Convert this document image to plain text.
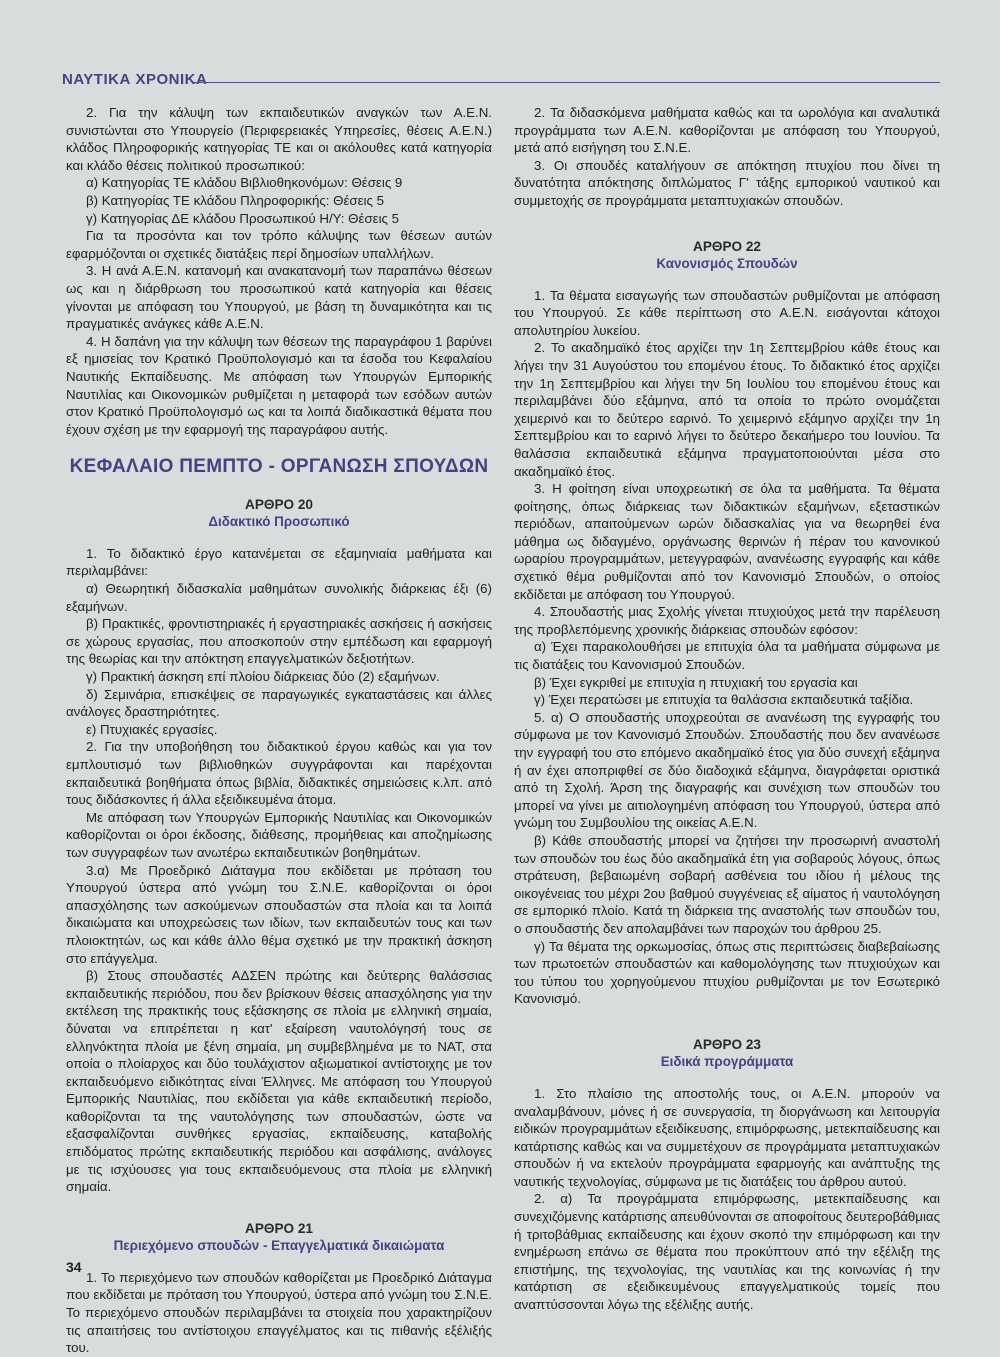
ΝΑΥΤΙΚΑ ΧΡΟΝΙΚΑ

2. Για την κάλυψη των εκπαιδευτικών αναγκών των Α.Ε.Ν. συνιστώνται στο Υπουργείο (Περιφερειακές Υπηρεσίες, θέσεις Α.Ε.Ν.) κλάδος Πληροφορικής κατηγορίας ΤΕ και οι ακόλουθες κατά κατηγορία και κλάδο θέσεις πολιτικού προσωπικού:

α) Κατηγορίας ΤΕ κλάδου Βιβλιοθηκονόμων: Θέσεις 9

β) Κατηγορίας ΤΕ κλάδου Πληροφορικής: Θέσεις 5

γ) Κατηγορίας ΔΕ κλάδου Προσωπικού Η/Υ: Θέσεις 5

Για τα προσόντα και τον τρόπο κάλυψης των θέσεων αυτών εφαρμόζονται οι σχετικές διατάξεις περί δημοσίων υπαλλήλων.

3. Η ανά Α.Ε.Ν. κατανομή και ανακατανομή των παραπάνω θέσεων ως και η διάρθρωση του προσωπικού κατά κατηγορία και θέσεις γίνονται με απόφαση του Υπουργού, με βάση τη δυναμικότητα και τις πραγματικές ανάγκες κάθε Α.Ε.Ν.

4. Η δαπάνη για την κάλυψη των θέσεων της παραγράφου 1 βαρύνει εξ ημισείας τον Κρατικό Προϋπολογισμό και τα έσοδα του Κεφαλαίου Ναυτικής Εκπαίδευσης. Με απόφαση των Υπουργών Εμπορικής Ναυτιλίας και Οικονομικών ρυθμίζεται η μεταφορά των εσόδων αυτών στον Κρατικό Προϋπολογισμό ως και τα λοιπά διαδικαστικά θέματα που έχουν σχέση με την εφαρμογή της παραγράφου αυτής.

ΚΕΦΑΛΑΙΟ ΠΕΜΠΤΟ - ΟΡΓΑΝΩΣΗ ΣΠΟΥΔΩΝ
ΑΡΘΡΟ 20
Διδακτικό Προσωπικό

1. Το διδακτικό έργο κατανέμεται σε εξαμηνιαία μαθήματα και περιλαμβάνει:

α) Θεωρητική διδασκαλία μαθημάτων συνολικής διάρκειας έξι (6) εξαμήνων.

β) Πρακτικές, φροντιστηριακές ή εργαστηριακές ασκήσεις ή ασκήσεις σε χώρους εργασίας, που αποσκοπούν στην εμπέδωση και εφαρμογή της θεωρίας και την απόκτηση επαγγελματικών δεξιοτήτων.

γ) Πρακτική άσκηση επί πλοίου διάρκειας δύο (2) εξαμήνων.

δ) Σεμινάρια, επισκέψεις σε παραγωγικές εγκαταστάσεις και άλλες ανάλογες δραστηριότητες.

ε) Πτυχιακές εργασίες.

2. Για την υποβοήθηση του διδακτικού έργου καθώς και για τον εμπλουτισμό των βιβλιοθηκών συγγράφονται και παρέχονται εκπαιδευτικά βοηθήματα όπως βιβλία, διδακτικές σημειώσεις κ.λπ. από τους διδάσκοντες ή άλλα εξειδικευμένα άτομα.

Με απόφαση των Υπουργών Εμπορικής Ναυτιλίας και Οικονομικών καθορίζονται οι όροι έκδοσης, διάθεσης, προμήθειας και αποζημίωσης των συγγραφέων των ανωτέρω εκπαιδευτικών βοηθημάτων.

3.α) Με Προεδρικό Διάταγμα που εκδίδεται με πρόταση του Υπουργού ύστερα από γνώμη του Σ.Ν.Ε. καθορίζονται οι όροι απασχόλησης των ασκούμενων σπουδαστών στα πλοία και τα λοιπά δικαιώματα και υποχρεώσεις των ιδίων, των εκπαιδευτών τους και των πλοιοκτητών, ως και κάθε άλλο θέμα σχετικό με την πρακτική άσκηση στο επάγγελμα.

β) Στους σπουδαστές ΑΔΣΕΝ πρώτης και δεύτερης θαλάσσιας εκπαιδευτικής περιόδου, που δεν βρίσκουν θέσεις απασχόλησης για την εκτέλεση της πρακτικής τους εξάσκησης σε πλοία με ελληνική σημαία, δύναται να επιτρέπεται η κατ' εξαίρεση ναυτολόγησή τους σε ελληνόκτητα πλοία με ξένη σημαία, μη συμβεβλημένα με το ΝΑΤ, στα οποία ο πλοίαρχος και δύο τουλάχιστον αξιωματικοί αντίστοιχης με τον εκπαιδευόμενο ειδικότητας είναι Έλληνες. Με απόφαση του Υπουργού Εμπορικής Ναυτιλίας, που εκδίδεται για κάθε εκπαιδευτική περίοδο, καθορίζονται τα της ναυτολόγησης των σπουδαστών, ώστε να εξασφαλίζονται συνθήκες εργασίας, εκπαίδευσης, καταβολής επιδόματος πρώτης εκπαιδευτικής περιόδου και ασφάλισης, ανάλογες με τις ισχύουσες για τους εκπαιδευόμενους στα πλοία με ελληνική σημαία.

ΑΡΘΡΟ 21
Περιεχόμενο σπουδών - Επαγγελματικά δικαιώματα

1. Το περιεχόμενο των σπουδών καθορίζεται με Προεδρικό Διάταγμα που εκδίδεται με πρόταση του Υπουργού, ύστερα από γνώμη του Σ.Ν.Ε. Το περιεχόμενο σπουδών περιλαμβάνει τα στοιχεία που χαρακτηρίζουν τις απαιτήσεις του αντίστοιχου επαγγέλματος και τις πιθανής εξέλιξής του.

2. Τα διδασκόμενα μαθήματα καθώς και τα ωρολόγια και αναλυτικά προγράμματα των Α.Ε.Ν. καθορίζονται με απόφαση του Υπουργού, μετά από εισήγηση του Σ.Ν.Ε.

3. Οι σπουδές καταλήγουν σε απόκτηση πτυχίου που δίνει τη δυνατότητα απόκτησης διπλώματος Γ' τάξης εμπορικού ναυτικού και συμμετοχής σε προγράμματα μεταπτυχιακών σπουδών.

ΑΡΘΡΟ 22
Κανονισμός Σπουδών

1. Τα θέματα εισαγωγής των σπουδαστών ρυθμίζονται με απόφαση του Υπουργού. Σε κάθε περίπτωση στο Α.Ε.Ν. εισάγονται κάτοχοι απολυτηρίου λυκείου.

2. Το ακαδημαϊκό έτος αρχίζει την 1η Σεπτεμβρίου κάθε έτους και λήγει την 31 Αυγούστου του επομένου έτους. Το διδακτικό έτος αρχίζει την 1η Σεπτεμβρίου και λήγει την 5η Ιουλίου του επομένου έτους και περιλαμβάνει δύο εξάμηνα, από τα οποία το πρώτο ονομάζεται χειμερινό και το δεύτερο εαρινό. Το χειμερινό εξάμηνο αρχίζει την 1η Σεπτεμβρίου και το εαρινό λήγει το δεύτερο δεκαήμερο του Ιουνίου. Τα θαλάσσια εκπαιδευτικά εξάμηνα πραγματοποιούνται μέσα στο ακαδημαϊκό έτος.

3. Η φοίτηση είναι υποχρεωτική σε όλα τα μαθήματα. Τα θέματα φοίτησης, όπως διάρκειας των διδακτικών εξαμήνων, εξεταστικών περιόδων, απαιτούμενων ωρών διδασκαλίας για να θεωρηθεί ένα μάθημα ως διδαγμένο, οργάνωσης θερινών ή πέραν του κανονικού ωραρίου προγραμμάτων, μετεγγραφών, ανανέωσης εγγραφής και κάθε σχετικό θέμα ρυθμίζονται από τον Κανονισμό Σπουδών, ο οποίος εκδίδεται με απόφαση του Υπουργού.

4. Σπουδαστής μιας Σχολής γίνεται πτυχιούχος μετά την παρέλευση της προβλεπόμενης χρονικής διάρκειας σπουδών εφόσον:

α) Έχει παρακολουθήσει με επιτυχία όλα τα μαθήματα σύμφωνα με τις διατάξεις του Κανονισμού Σπουδών.

β) Έχει εγκριθεί με επιτυχία η πτυχιακή του εργασία και

γ) Έχει περατώσει με επιτυχία τα θαλάσσια εκπαιδευτικά ταξίδια.

5. α) Ο σπουδαστής υποχρεούται σε ανανέωση της εγγραφής του σύμφωνα με τον Κανονισμό Σπουδών. Σπουδαστής που δεν ανανέωσε την εγγραφή του στο επόμενο ακαδημαϊκό έτος για δύο συνεχή εξάμηνα ή αν έχει αποπριφθεί σε δύο διαδοχικά εξάμηνα, διαγράφεται οριστικά από τη Σχολή. Άρση της διαγραφής και συνέχιση των σπουδών του μπορεί να γίνει με αιτιολογημένη απόφαση του Υπουργού, ύστερα από γνώμη του Συμβουλίου της οικείας Α.Ε.Ν.

β) Κάθε σπουδαστής μπορεί να ζητήσει την προσωρινή αναστολή των σπουδών του έως δύο ακαδημαϊκά έτη για σοβαρούς λόγους, όπως στράτευση, βεβαιωμένη σοβαρή ασθένεια του ιδίου ή μέλους της οικογένειας του μέχρι 2ου βαθμού συγγένειας εξ αίματος ή ναυτολόγηση σε εμπορικό πλοίο. Κατά τη διάρκεια της αναστολής των σπουδών του, ο σπουδαστής δεν απολαμβάνει των παροχών του άρθρου 25.

γ) Τα θέματα της ορκωμοσίας, όπως στις περιπτώσεις διαβεβαίωσης των πρωτοετών σπουδαστών και καθομολόγησης των πτυχιούχων και του τύπου του χορηγούμενου πτυχίου ρυθμίζονται με τον Εσωτερικό Κανονισμό.

ΑΡΘΡΟ 23
Ειδικά προγράμματα

1. Στο πλαίσιο της αποστολής τους, οι Α.Ε.Ν. μπορούν να αναλαμβάνουν, μόνες ή σε συνεργασία, τη διοργάνωση και λειτουργία ειδικών προγραμμάτων εξειδίκευσης, επιμόρφωσης, μετεκπαίδευσης και κατάρτισης καθώς και να συμμετέχουν σε προγράμματα μεταπτυχιακών σπουδών ή να εκτελούν προγράμματα εφαρμογής και ανάπτυξης της ναυτικής τεχνολογίας, σύμφωνα με τις διατάξεις του άρθρου αυτού.

2. α) Τα προγράμματα επιμόρφωσης, μετεκπαίδευσης και συνεχιζόμενης κατάρτισης απευθύνονται σε αποφοίτους δευτεροβάθμιας ή τριτοβάθμιας εκπαίδευσης και έχουν σκοπό την επιμόρφωση και την ενημέρωση επάνω σε θέματα που προκύπτουν από την εξέλιξη της επιστήμης, της τεχνολογίας, της ναυτιλίας και της κοινωνίας ή την κατάρτιση σε εξειδικευμένους επαγγελματικούς τομείς που αναπτύσσονται λόγω της εξέλιξης αυτής.

34
